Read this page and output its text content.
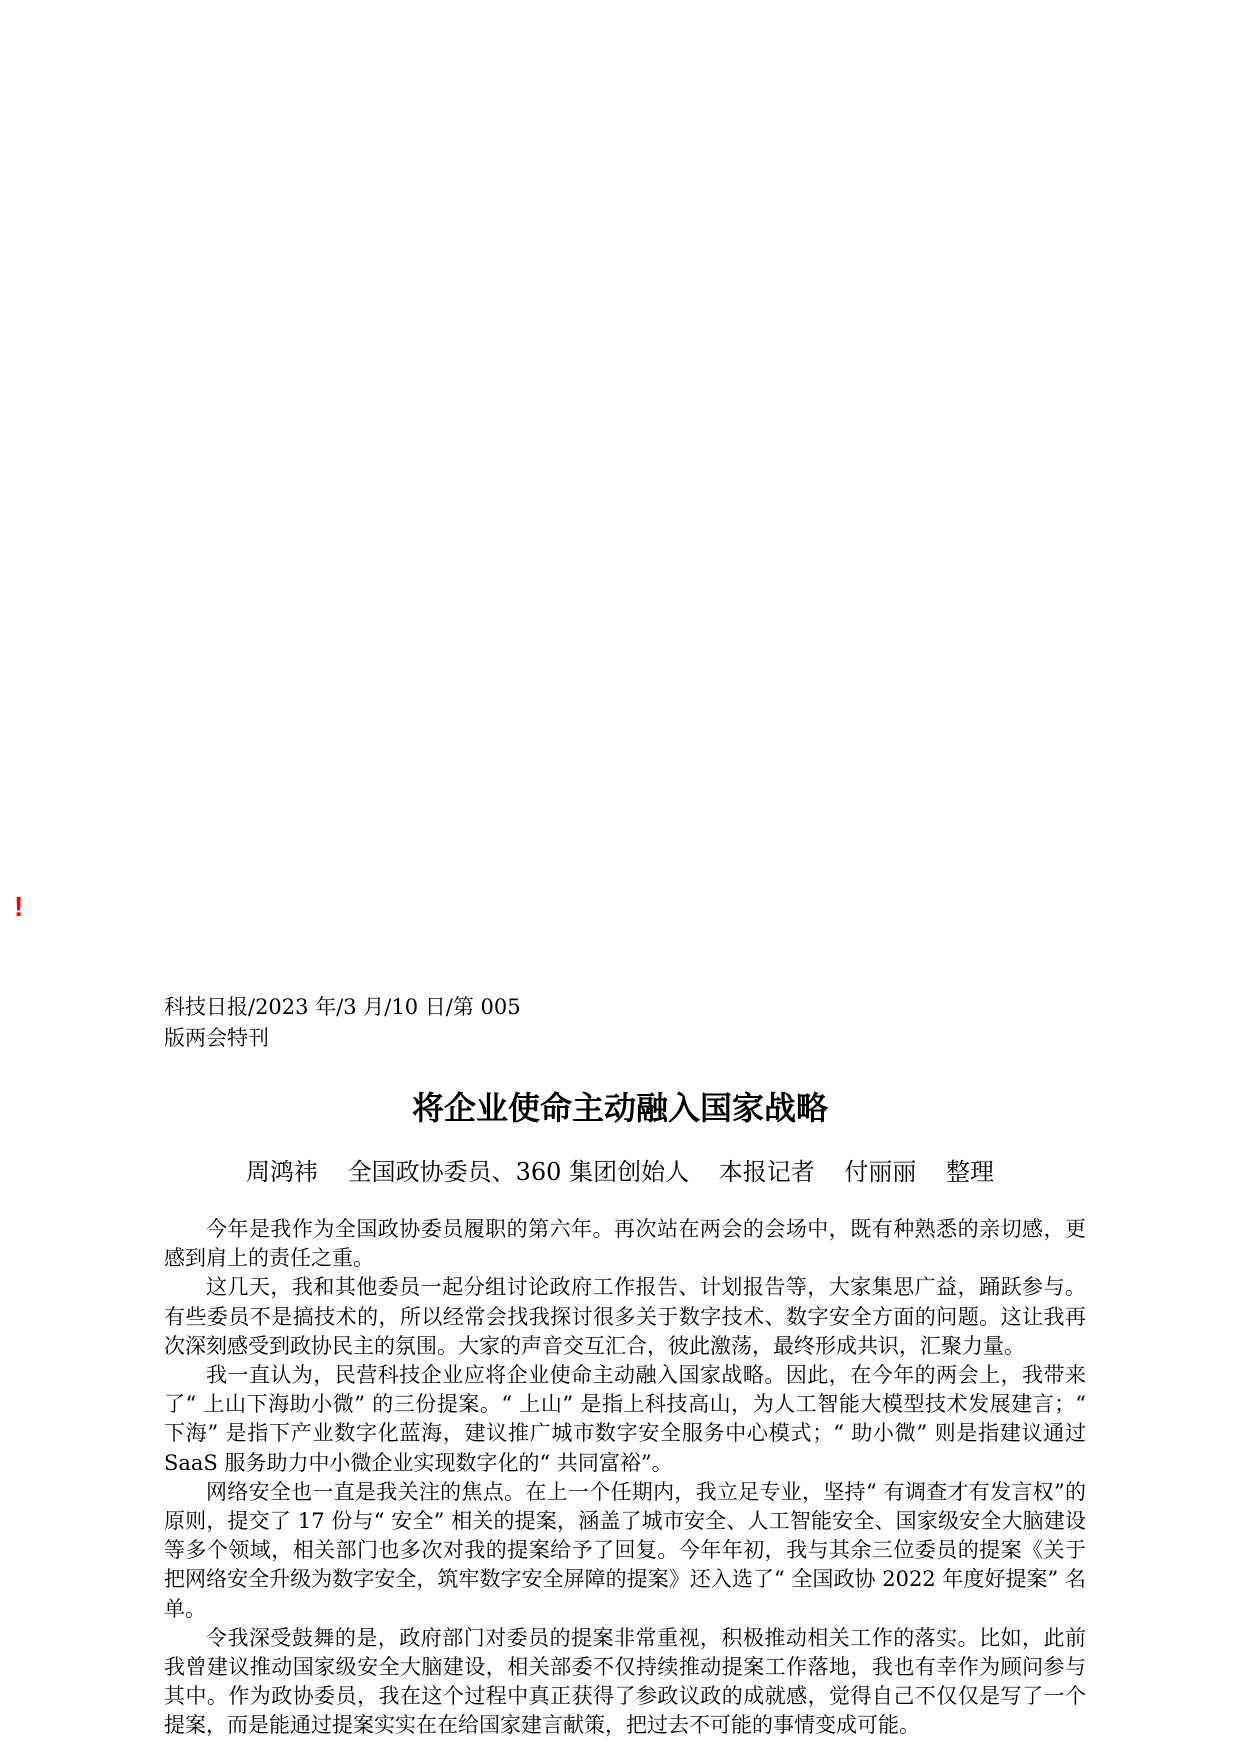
!
科技日报/2023 年/3 月/10 日/第 005
版两会特刊
将企业使命主动融入国家战略
周鸿祎 全国政协委员、360 集团创始人 本报记者 付丽丽 整理

今年是我作为全国政协委员履职的第六年。再次站在两会的会场中，既有种熟悉的亲切感，更感到肩上的责任之重。

这几天，我和其他委员一起分组讨论政府工作报告、计划报告等，大家集思广益，踊跃参与。有些委员不是搞技术的，所以经常会找我探讨很多关于数字技术、数字安全方面的问题。这让我再次深刻感受到政协民主的氛围。大家的声音交互汇合，彼此激荡，最终形成共识，汇聚力量。

我一直认为，民营科技企业应将企业使命主动融入国家战略。因此，在今年的两会上，我带来了“ 上山下海助小微” 的三份提案。“ 上山” 是指上科技高山，为人工智能大模型技术发展建言；“ 下海” 是指下产业数字化蓝海，建议推广城市数字安全服务中心模式；“ 助小微” 则是指建议通过 SaaS 服务助力中小微企业实现数字化的“ 共同富裕”。

网络安全也一直是我关注的焦点。在上一个任期内，我立足专业，坚持“ 有调查才有发言权”的原则，提交了 17 份与“ 安全” 相关的提案，涵盖了城市安全、人工智能安全、国家级安全大脑建设等多个领域，相关部门也多次对我的提案给予了回复。今年年初，我与其余三位委员的提案《关于把网络安全升级为数字安全，筑牢数字安全屏障的提案》还入选了“ 全国政协 2022 年度好提案” 名单。

令我深受鼓舞的是，政府部门对委员的提案非常重视，积极推动相关工作的落实。比如，此前我曾建议推动国家级安全大脑建设，相关部委不仅持续推动提案工作落地，我也有幸作为顾问参与其中。作为政协委员，我在这个过程中真正获得了参政议政的成就感，觉得自己不仅仅是写了一个提案，而是能通过提案实实在在给国家建言献策，把过去不可能的事情变成可能。
